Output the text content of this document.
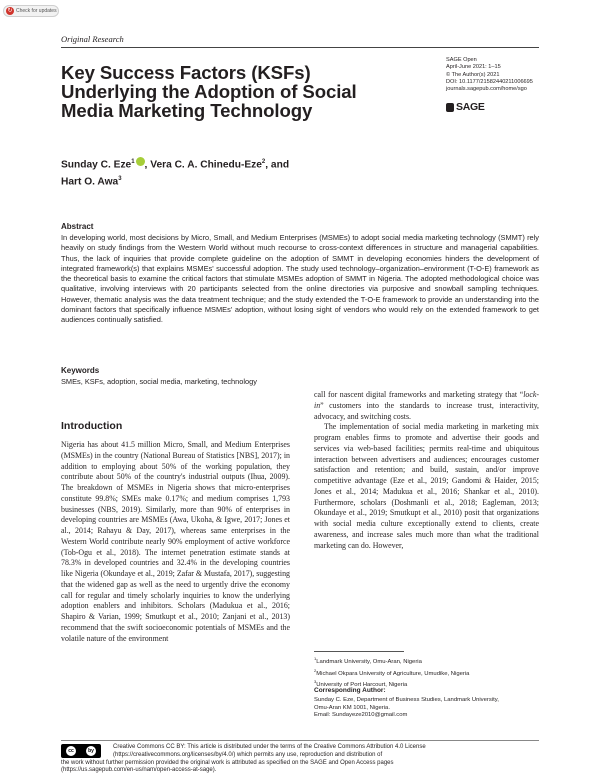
↻ Check for updates
Original Research
Key Success Factors (KSFs) Underlying the Adoption of Social Media Marketing Technology
SAGE Open
April-June 2021: 1–15
© The Author(s) 2021
DOI: 10.1177/21582440211006695
journals.sagepub.com/home/sgo
SAGE
Sunday C. Eze$^1$ , Vera C. A. Chinedu-Eze$^2$, and
Hart O. Awa$^3$
Abstract

In developing world, most decisions by Micro, Small, and Medium Enterprises (MSMEs) to adopt social media marketing technology (SMMT) rely heavily on study findings from the Western World without much recourse to cross-context differences in structure and managerial capabilities. Thus, the lack of inquiries that provide complete guideline on the adoption of SMMT in developing economies hinders the development of integrated framework(s) that explains MSMEs' successful adoption. The study used technology–organization–environment (T-O-E) framework as the theoretical basis to examine the critical factors that stimulate MSMEs adoption of SMMT in Nigeria. The adopted methodological choice was qualitative, involving interviews with 20 participants selected from the online directories via purposive and snowball sampling techniques. However, thematic analysis was the data treatment technique; and the study extended the T-O-E framework to provide an understanding into the dominant factors that specifically influence MSMEs' adoption, without losing sight of vendors who would rely on the extended framework to get audiences continually satisfied.

Keywords
SMEs, KSFs, adoption, social media, marketing, technology
Introduction

Nigeria has about 41.5 million Micro, Small, and Medium Enterprises (MSMEs) in the country (National Bureau of Statistics [NBS], 2017); in addition to employing about 50% of the working population, they contribute about 50% of the country's industrial outputs (Ihua, 2009). The breakdown of MSMEs in Nigeria shows that micro-enterprises constitute 99.8%; SMEs make 0.17%; and medium comprises 1,793 businesses (NBS, 2019). Similarly, more than 90% of enterprises in developing countries are MSMEs (Awa, Ukoha, & Igwe, 2017; Jones et al., 2014; Rahayu & Day, 2017), whereas same enterprises in the Western World contribute nearly 90% employment of active workforce (Tob-Ogu et al., 2018). The internet penetration estimate stands at 78.3% in developed countries and 32.4% in the developing countries like Nigeria (Okundaye et al., 2019; Zafar & Mustafa, 2017), suggesting that the widened gap as well as the need to urgently drive the economy call for regular and timely scholarly inquiries to know the underlying adoption enablers and inhibitors. Scholars (Madukua et al., 2016; Shapiro & Varian, 1999; Smutkupt et al., 2010; Zanjani et al., 2013) recommend that the swift socioeconomic potentials of MSMEs and the volatile nature of the environment

call for nascent digital frameworks and marketing strategy that “lock-in” customers into the standards to increase trust, interactivity, advocacy, and switching costs.
The implementation of social media marketing in marketing mix program enables firms to promote and advertise their goods and services via web-based facilities; permits real-time and ubiquitous interaction between advertisers and audiences; encourages customer satisfaction and retention; and build, sustain, and/or improve competitive advantage (Eze et al., 2019; Gandomi & Haider, 2015; Jones et al., 2014; Madukua et al., 2016; Shankar et al., 2010). Furthermore, scholars (Doshmanli et al., 2018; Eagleman, 2013; Okundaye et al., 2019; Smutkupt et al., 2010) posit that organizations with social media culture exceptionally extend to clients, create awareness, and increase sales much more than what the traditional marketing can do. However,
$^1$Landmark University, Omu-Aran, Nigeria
$^2$Michael Okpara University of Agriculture, Umudike, Nigeria
$^3$University of Port Harcourt, Nigeria
Corresponding Author:
Sunday C. Eze, Department of Business Studies, Landmark University,
Omu-Aran KM 1001, Nigeria.
Email: Sundayeze2010@gmail.com
cc	by
Creative Commons CC BY: This article is distributed under the terms of the Creative Commons Attribution 4.0 License
(https://creativecommons.org/licenses/by/4.0/) which permits any use, reproduction and distribution of
the work without further permission provided the original work is attributed as specified on the SAGE and Open Access pages
(https://us.sagepub.com/en-us/nam/open-access-at-sage).
